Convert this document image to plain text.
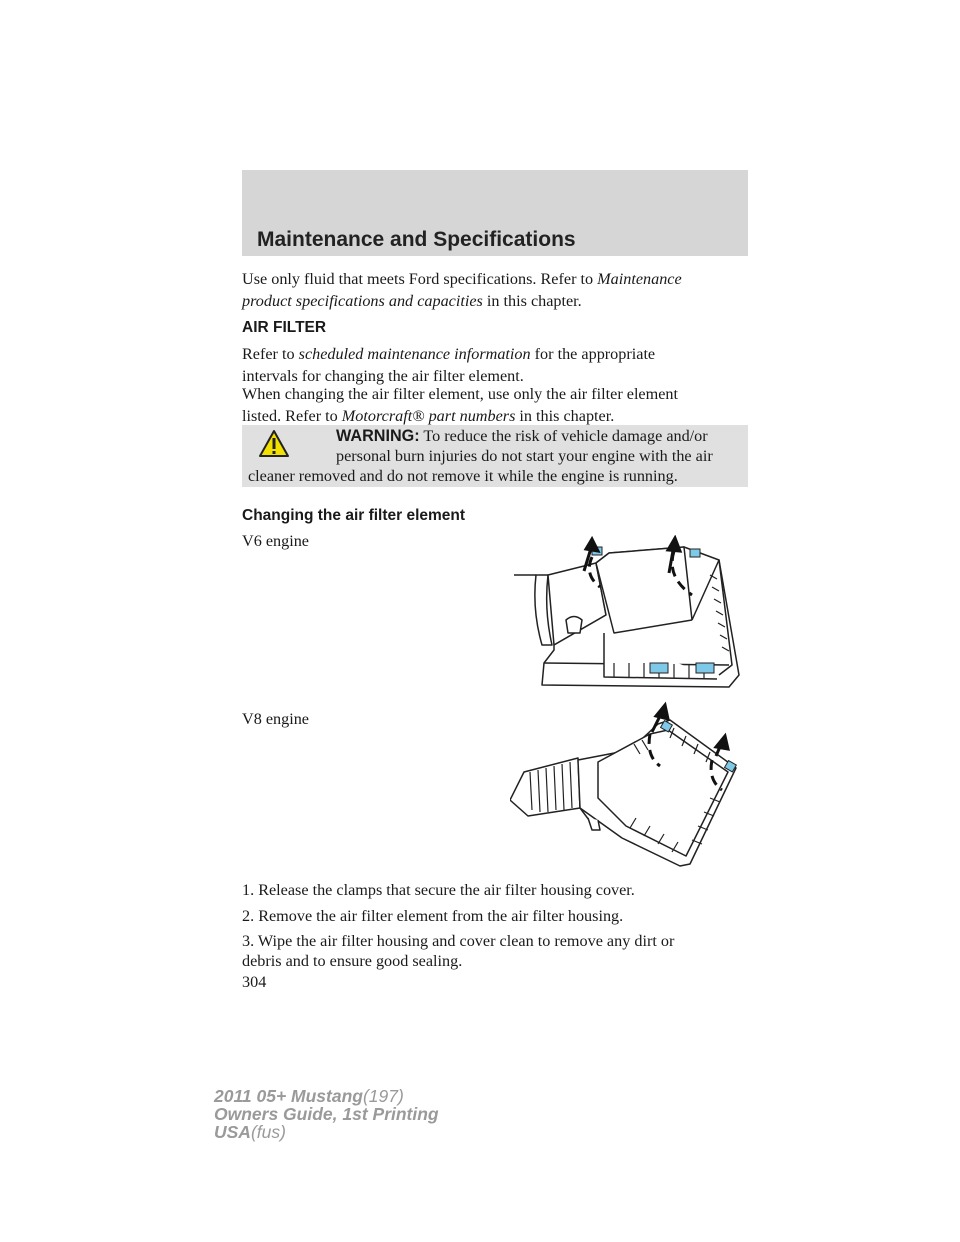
Maintenance and Specifications

Use only fluid that meets Ford specifications. Refer to Maintenance
product specifications and capacities in this chapter.

AIR FILTER

Refer to scheduled maintenance information for the appropriate
intervals for changing the air filter element.

When changing the air filter element, use only the air filter element
listed. Refer to Motorcraft® part numbers in this chapter.

WARNING: To reduce the risk of vehicle damage and/or
personal burn injuries do not start your engine with the air
cleaner removed and do not remove it while the engine is running.

Changing the air filter element

V6 engine

V8 engine

1. Release the clamps that secure the air filter housing cover.

2. Remove the air filter element from the air filter housing.

3. Wipe the air filter housing and cover clean to remove any dirt or
debris and to ensure good sealing.

304
2011 05+ Mustang(197)
Owners Guide, 1st Printing
USA(fus)
